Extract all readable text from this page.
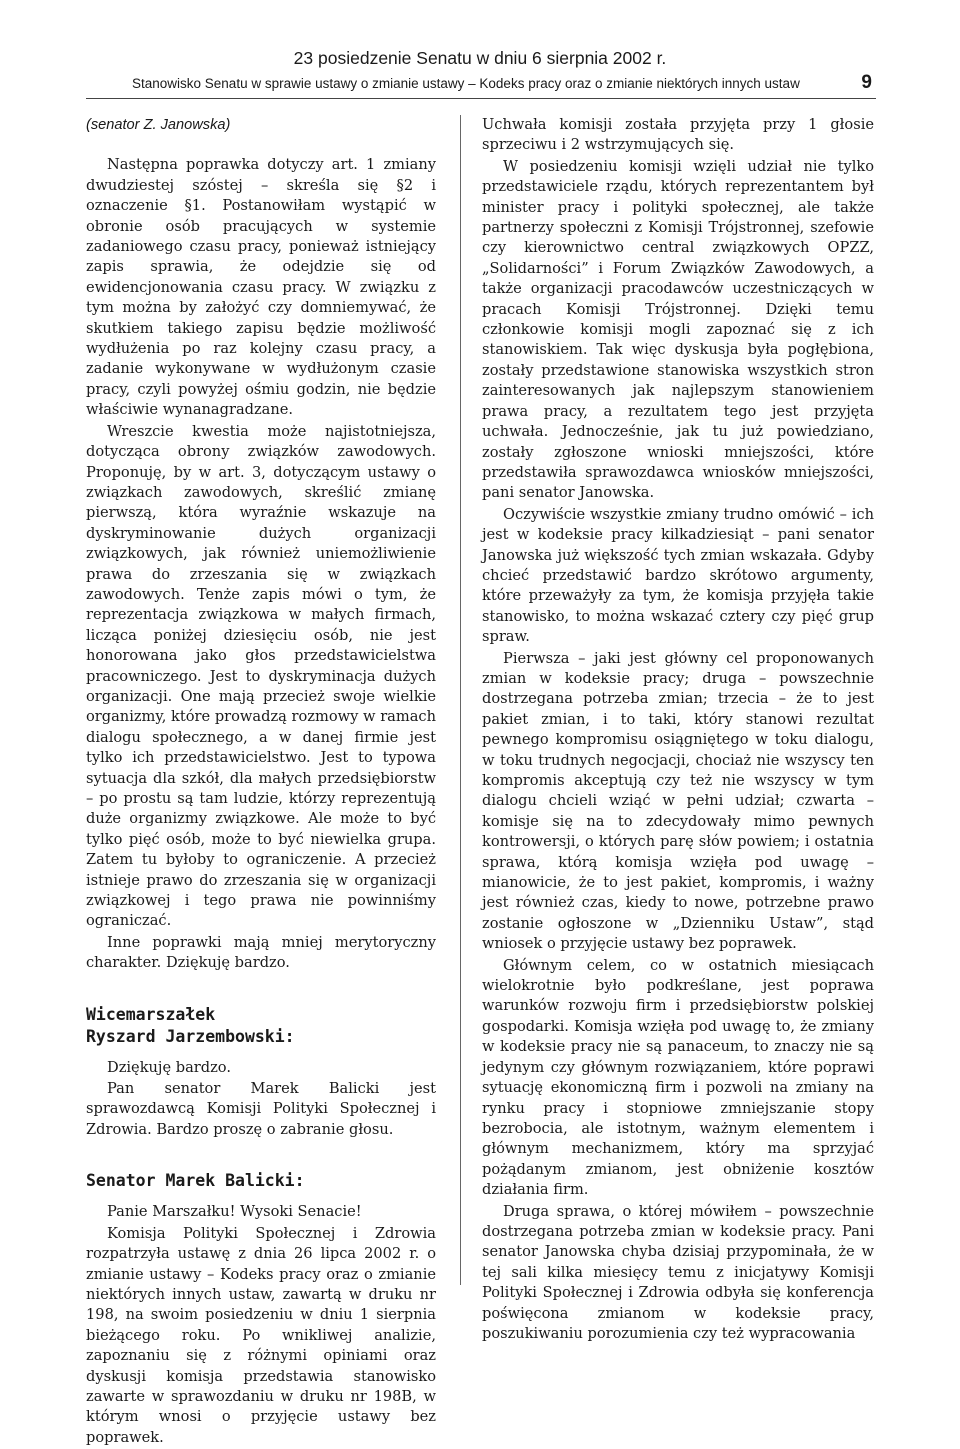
23 posiedzenie Senatu w dniu 6 sierpnia 2002 r.
Stanowisko Senatu w sprawie ustawy o zmianie ustawy – Kodeks pracy oraz o zmianie niektórych innych ustaw	9

(senator Z. Janowska)

Następna poprawka dotyczy art. 1 zmiany dwudziestej szóstej – skreśla się §2 i oznaczenie §1. Postanowiłam wystąpić w obronie osób pracujących w systemie zadaniowego czasu pracy, ponieważ istniejący zapis sprawia, że odejdzie się od ewidencjonowania czasu pracy. W związku z tym można by założyć czy domniemywać, że skutkiem takiego zapisu będzie możliwość wydłużenia po raz kolejny czasu pracy, a zadanie wykonywane w wydłużonym czasie pracy, czyli powyżej ośmiu godzin, nie będzie właściwie wynanagradzane.

Wreszcie kwestia może najistotniejsza, dotycząca obrony związków zawodowych. Proponuję, by w art. 3, dotyczącym ustawy o związkach zawodowych, skreślić zmianę pierwszą, która wyraźnie wskazuje na dyskryminowanie dużych organizacji związkowych, jak również uniemożliwienie prawa do zrzeszania się w związkach zawodowych. Tenże zapis mówi o tym, że reprezentacja związkowa w małych firmach, licząca poniżej dziesięciu osób, nie jest honorowana jako głos przedstawicielstwa pracowniczego. Jest to dyskryminacja dużych organizacji. One mają przecież swoje wielkie organizmy, które prowadzą rozmowy w ramach dialogu społecznego, a w danej firmie jest tylko ich przedstawicielstwo. Jest to typowa sytuacja dla szkół, dla małych przedsiębiorstw – po prostu są tam ludzie, którzy reprezentują duże organizmy związkowe. Ale może to być tylko pięć osób, może to być niewielka grupa. Zatem tu byłoby to ograniczenie. A przecież istnieje prawo do zrzeszania się w organizacji związkowej i tego prawa nie powinniśmy ograniczać.

Inne poprawki mają mniej merytoryczny charakter. Dziękuję bardzo.

Wicemarszałek
Ryszard Jarzembowski:

Dziękuję bardzo.

Pan senator Marek Balicki jest sprawozdawcą Komisji Polityki Społecznej i Zdrowia. Bardzo proszę o zabranie głosu.

Senator Marek Balicki:

Panie Marszałku! Wysoki Senacie!

Komisja Polityki Społecznej i Zdrowia rozpatrzyła ustawę z dnia 26 lipca 2002 r. o zmianie ustawy – Kodeks pracy oraz o zmianie niektórych innych ustaw, zawartą w druku nr 198, na swoim posiedzeniu w dniu 1 sierpnia bieżącego roku. Po wnikliwej analizie, zapoznaniu się z różnymi opiniami oraz dyskusji komisja przedstawia stanowisko zawarte w sprawozdaniu w druku nr 198B, w którym wnosi o przyjęcie ustawy bez poprawek.

Uchwała komisji została przyjęta przy 1 głosie sprzeciwu i 2 wstrzymujących się.

W posiedzeniu komisji wzięli udział nie tylko przedstawiciele rządu, których reprezentantem był minister pracy i polityki społecznej, ale także partnerzy społeczni z Komisji Trójstronnej, szefowie czy kierownictwo central związkowych OPZZ, „Solidarności” i Forum Związków Zawodowych, a także organizacji pracodawców uczestniczących w pracach Komisji Trójstronnej. Dzięki temu członkowie komisji mogli zapoznać się z ich stanowiskiem. Tak więc dyskusja była pogłębiona, zostały przedstawione stanowiska wszystkich stron zainteresowanych jak najlepszym stanowieniem prawa pracy, a rezultatem tego jest przyjęta uchwała. Jednocześnie, jak tu już powiedziano, zostały zgłoszone wnioski mniejszości, które przedstawiła sprawozdawca wniosków mniejszości, pani senator Janowska.

Oczywiście wszystkie zmiany trudno omówić – ich jest w kodeksie pracy kilkadziesiąt – pani senator Janowska już większość tych zmian wskazała. Gdyby chcieć przedstawić bardzo skrótowo argumenty, które przeważyły za tym, że komisja przyjęła takie stanowisko, to można wskazać cztery czy pięć grup spraw.

Pierwsza – jaki jest główny cel proponowanych zmian w kodeksie pracy; druga – powszechnie dostrzegana potrzeba zmian; trzecia – że to jest pakiet zmian, i to taki, który stanowi rezultat pewnego kompromisu osiągniętego w toku dialogu, w toku trudnych negocjacji, chociaż nie wszyscy ten kompromis akceptują czy też nie wszyscy w tym dialogu chcieli wziąć w pełni udział; czwarta – komisje się na to zdecydowały mimo pewnych kontrowersji, o których parę słów powiem; i ostatnia sprawa, którą komisja wzięła pod uwagę – mianowicie, że to jest pakiet, kompromis, i ważny jest również czas, kiedy to nowe, potrzebne prawo zostanie ogłoszone w „Dzienniku Ustaw”, stąd wniosek o przyjęcie ustawy bez poprawek.

Głównym celem, co w ostatnich miesiącach wielokrotnie było podkreślane, jest poprawa warunków rozwoju firm i przedsiębiorstw polskiej gospodarki. Komisja wzięła pod uwagę to, że zmiany w kodeksie pracy nie są panaceum, to znaczy nie są jedynym czy głównym rozwiązaniem, które poprawi sytuację ekonomiczną firm i pozwoli na zmiany na rynku pracy i stopniowe zmniejszanie stopy bezrobocia, ale istotnym, ważnym elementem i głównym mechanizmem, który ma sprzyjać pożądanym zmianom, jest obniżenie kosztów działania firm.

Druga sprawa, o której mówiłem – powszechnie dostrzegana potrzeba zmian w kodeksie pracy. Pani senator Janowska chyba dzisiaj przypominała, że w tej sali kilka miesięcy temu z inicjatywy Komisji Polityki Społecznej i Zdrowia odbyła się konferencja poświęcona zmianom w kodeksie pracy, poszukiwaniu porozumienia czy też wypracowania
